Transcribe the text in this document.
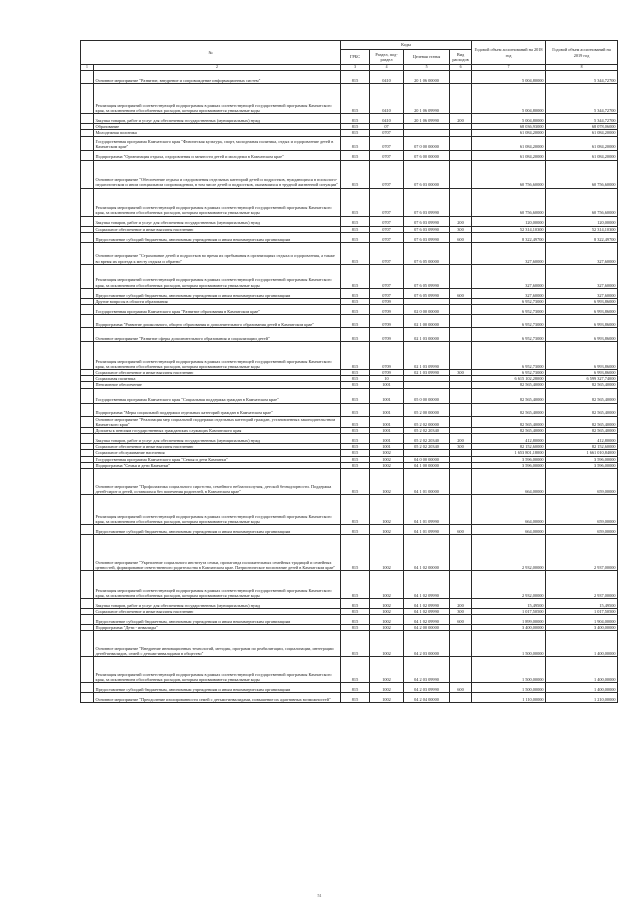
№		Коды				Годовой объем ассигнований на 2018 год	Годовой объем ассигнований на 2019 год
		ГРБС	Раздел, под-раздел	Целевая статья	Вид расходов		
1	2	3	4	5	6	7	8
	Основное мероприятие "Развитие, внедрение и сопровождение информационных систем"	815	0410	20 1 06 00000		5 004,80000	5 344,72700
	Реализация мероприятий соответствующей подпрограммы в рамках соответствующей государственной программы Камчатского края, за исключением обособленных расходов, которым присваиваются уникальные коды	815	0410	20 1 06 09990		5 004,80000	5 344,72700
	Закупка товаров, работ и услуг для обеспечения государственных (муниципальных) нужд	815	0410	20 1 06 09990	200	5 004,80000	5 344,72700
	Образование	815	07			68 036,93000	68 078,06000
	Молодежная политика	815	0707			61 084,20000	61 084,20000
	Государственная программа Камчатского края "Физическая культура, спорт, молодежная политика, отдых и оздоровление детей в Камчатском крае"	815	0707	07 0 00 00000		61 084,20000	61 084,20000
	Подпрограмма "Организация отдыха, оздоровления и занятости детей и молодежи в Камчатском крае"	815	0707	07 6 00 00000		61 084,20000	61 084,20000
	Основное мероприятие "Обеспечение отдыха и оздоровления отдельных категорий детей и подростков, нуждающихся в психолого-педагогическом и ином специальном сопровождении, в том числе детей и подростков, оказавшихся в трудной жизненной ситуации"	815	0707	07 6 03 00000		60 756,60000	60 756,60000
	Реализация мероприятий соответствующей подпрограммы в рамках соответствующей государственной программы Камчатского края, за исключением обособленных расходов, которым присваиваются уникальные коды	815	0707	07 6 03 09990		60 756,60000	60 756,60000
	Закупка товаров, работ и услуг для обеспечения государственных (муниципальных) нужд	815	0707	07 6 03 09990	200	120,00000	120,00000
	Социальное обеспечение и иные выплаты населению	815	0707	07 6 03 09990	300	52 314,10300	52 314,10300
	Предоставление субсидий бюджетным, автономным учреждениям и иным некоммерческим организациям	815	0707	07 6 03 09990	600	8 322,49700	8 322,49700
	Основное мероприятие "Страхование детей и подростков во время их пребывания в организациях отдыха и оздоровления, а также во время их проезда к месту отдыха и обратно"	815	0707	07 6 05 00000		327,60000	327,60000
	Реализация мероприятий соответствующей подпрограммы в рамках соответствующей государственной программы Камчатского края, за исключением обособленных расходов, которым присваиваются уникальные коды	815	0707	07 6 05 09990		327,60000	327,60000
	Предоставление субсидий бюджетным, автономным учреждениям и иным некоммерческим организациям	815	0707	07 6 05 09990	600	327,60000	327,60000
	Другие вопросы в области образования	815	0709			6 952,73000	6 993,86000
	Государственная программа Камчатского края "Развитие образования в Камчатском крае"	815	0709	02 0 00 00000		6 952,73000	6 993,86000
	Подпрограмма "Развитие дошкольного, общего образования и дополнительного образования детей в Камчатском крае"	815	0709	02 1 00 00000		6 952,73000	6 993,86000
	Основное мероприятие "Развитие сферы дополнительного образования и социализации детей"	815	0709	02 1 03 00000		6 952,73000	6 993,86000
	Реализация мероприятий соответствующей подпрограммы в рамках соответствующей государственной программы Камчатского края, за исключением обособленных расходов, которым присваиваются уникальные коды	815	0709	02 1 03 09990		6 952,73000	6 993,86000
	Социальное обеспечение и иные выплаты населению	815	0709	02 1 03 09990	300	6 952,73000	6 993,86000
	Социальная политика	815	10			6 615 102,28000	6 599 327,74000
	Пенсионное обеспечение	815	1001			82 565,40000	82 565,40000
	Государственная программа Камчатского края "Социальная поддержка граждан в Камчатском крае"	815	1001	05 0 00 00000		82 565,40000	82 565,40000
	Подпрограмма "Меры социальной поддержки отдельных категорий граждан в Камчатском крае"	815	1001	05 2 00 00000		82 565,40000	82 565,40000
	Основное мероприятие "Реализация мер социальной поддержки отдельных категорий граждан, установленных законодательством Камчатского края"	815	1001	05 2 02 00000		82 565,40000	82 565,40000
	Доплаты к пенсиям государственных гражданских служащих Камчатского края	815	1001	05 2 02 20340		82 565,40000	82 565,40000
	Закупка товаров, работ и услуг для обеспечения государственных (муниципальных) нужд	815	1001	05 2 02 20340	200	412,80000	412,80000
	Социальное обеспечение и иные выплаты населению	815	1001	05 2 02 20340	300	82 152,60000	82 152,60000
	Социальное обслуживание населения	815	1002			1 653 801,18000	1 661 010,84000
	Государственная программа Камчатского края "Семья и дети Камчатки"	815	1002	04 0 00 00000		3 596,00000	3 596,00000
	Подпрограмма "Семья и дети Камчатки"	815	1002	04 1 00 00000		3 596,00000	3 596,00000
	Основное мероприятие "Профилактика социального сиротства, семейного неблагополучия, детской безнадзорности. Поддержка детей-сирот и детей, оставшихся без попечения родителей, в Камчатском крае"	815	1002	04 1 01 00000		664,00000	659,00000
	Реализация мероприятий соответствующей подпрограммы в рамках соответствующей государственной программы Камчатского края, за исключением обособленных расходов, которым присваиваются уникальные коды	815	1002	04 1 01 09990		664,00000	659,00000
	Предоставление субсидий бюджетным, автономным учреждениям и иным некоммерческим организациям	815	1002	04 1 01 09990	600	664,00000	659,00000
	Основное мероприятие "Укрепление социального института семьи, пропаганда положительных семейных традиций и семейных ценностей, формирование ответственного родительства в Камчатском крае. Патриотическое воспитание детей в Камчатском крае"	815	1002	04 1 02 00000		2 932,00000	2 937,00000
	Реализация мероприятий соответствующей подпрограммы в рамках соответствующей государственной программы Камчатского края, за исключением обособленных расходов, которым присваиваются уникальные коды	815	1002	04 1 02 09990		2 932,00000	2 937,00000
	Закупка товаров, работ и услуг для обеспечения государственных (муниципальных) нужд	815	1002	04 1 02 09990	200	15,49500	15,49500
	Социальное обеспечение и иные выплаты населению	815	1002	04 1 02 09990	300	1 017,50500	1 017,50500
	Предоставление субсидий бюджетным, автономным учреждениям и иным некоммерческим организациям	815	1002	04 1 02 09990	600	1 899,00000	1 904,00000
	Подпрограмма "Дети - инвалиды"	815	1002	04 2 00 00000		3 400,00000	3 400,00000
	Основное мероприятие "Внедрение инновационных технологий, методик, программ по реабилитации, социализации, интеграции детей-инвалидов, семей с детьми-инвалидами в общество"	815	1002	04 2 03 00000		1 500,00000	1 400,00000
	Реализация мероприятий соответствующей подпрограммы в рамках соответствующей государственной программы Камчатского края, за исключением обособленных расходов, которым присваиваются уникальные коды	815	1002	04 2 03 09990		1 500,00000	1 400,00000
	Предоставление субсидий бюджетным, автономным учреждениям и иным некоммерческим организациям	815	1002	04 2 03 09990	600	1 500,00000	1 400,00000
	Основное мероприятие "Преодоление изолированности семей с детьми-инвалидами, повышение их адаптивных возможностей"	815	1002	04 2 04 00000		1 110,00000	1 210,00000
51
